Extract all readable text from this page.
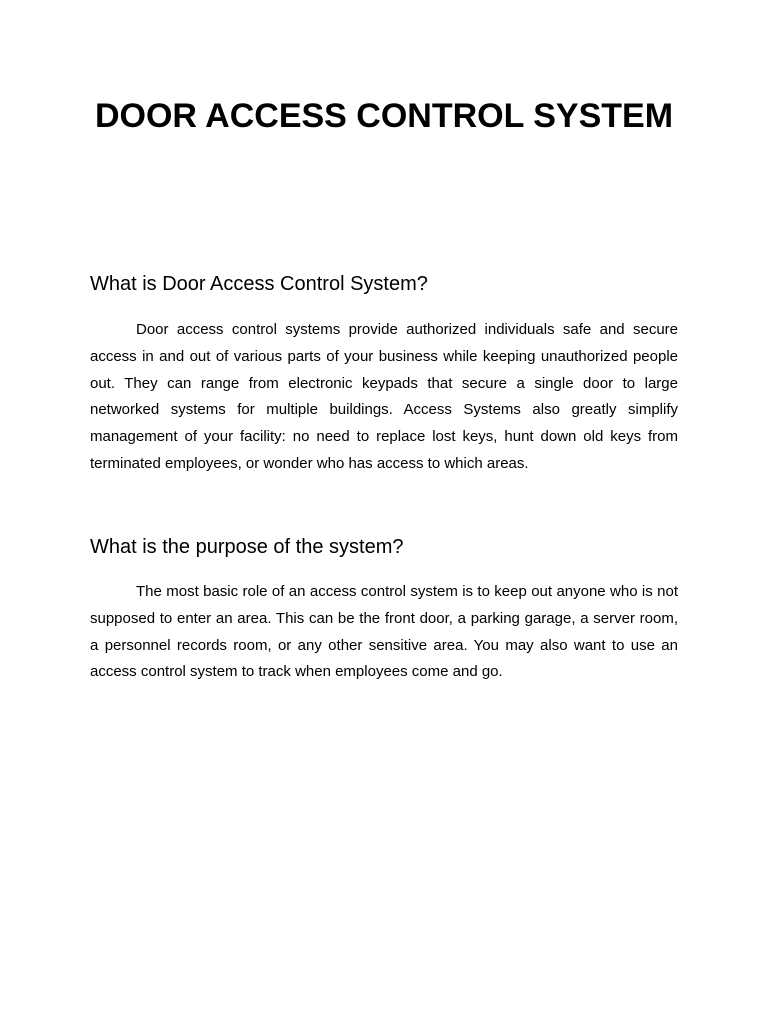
DOOR ACCESS CONTROL SYSTEM
What is Door Access Control System?

Door access control systems provide authorized individuals safe and secure access in and out of various parts of your business while keeping unauthorized people out. They can range from electronic keypads that secure a single door to large networked systems for multiple buildings. Access Systems also greatly simplify management of your facility: no need to replace lost keys, hunt down old keys from terminated employees, or wonder who has access to which areas.

What is the purpose of the system?

The most basic role of an access control system is to keep out anyone who is not supposed to enter an area. This can be the front door, a parking garage, a server room, a personnel records room, or any other sensitive area. You may also want to use an access control system to track when employees come and go.
